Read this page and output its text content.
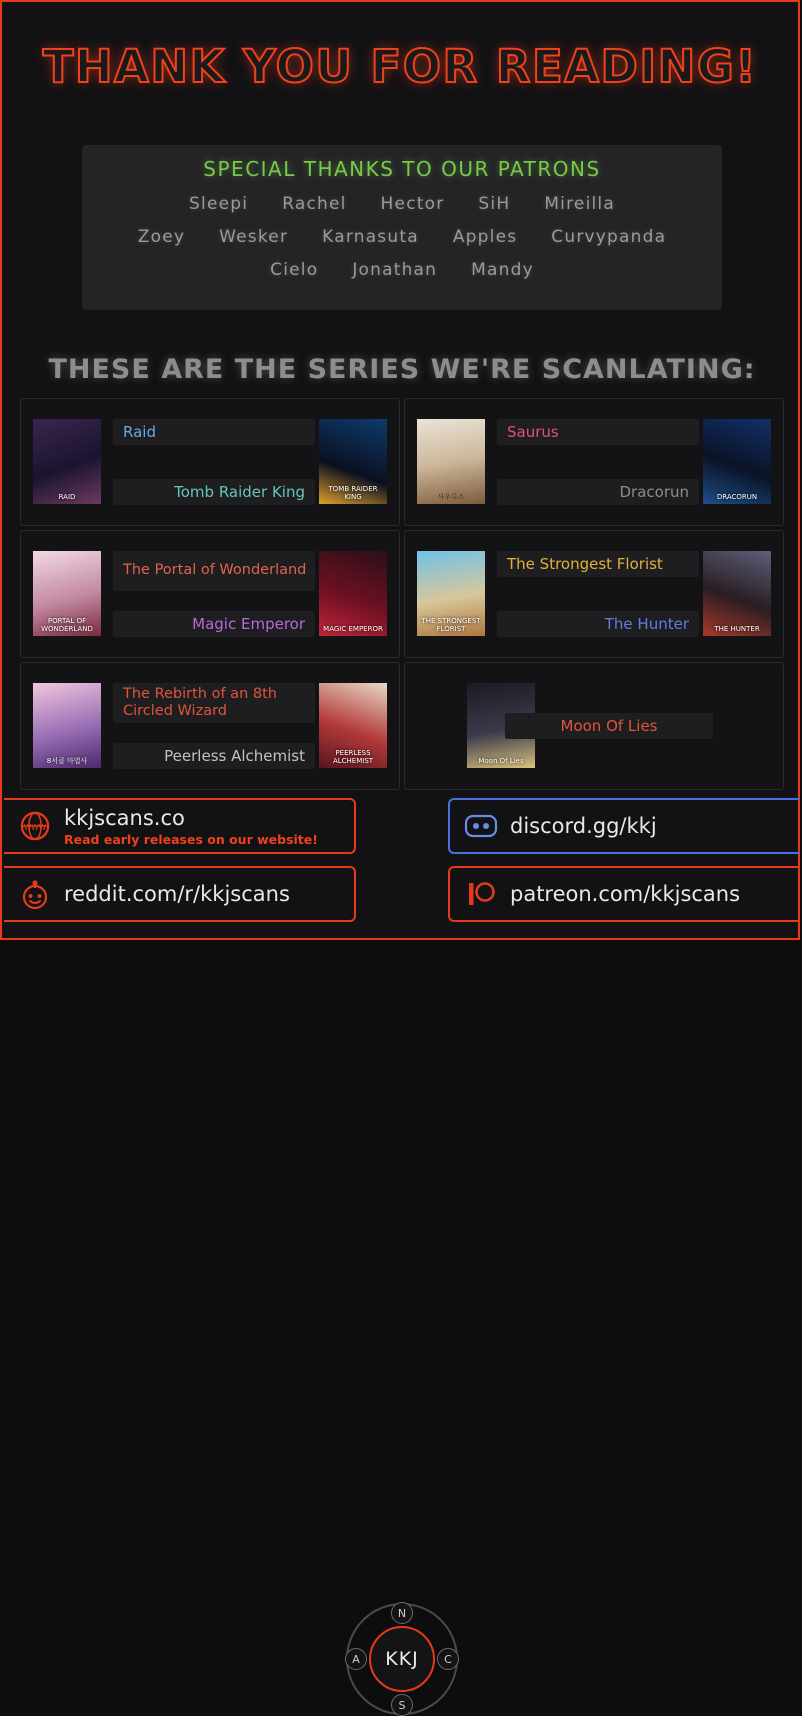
THANK YOU FOR READING!
SPECIAL THANKS TO OUR PATRONS
Sleepi Rachel Hector SiH Mireilla
Zoey Wesker Karnasuta Apples Curvypanda
Cielo Jonathan Mandy
THESE ARE THE SERIES WE'RE SCANLATING:
RAID
Raid
Tomb Raider King	TOMB RAIDER KING	사우루스
Saurus
Dracorun	DRACORUN
PORTAL OF WONDERLAND
The Portal of Wonderland
Magic Emperor	MAGIC EMPEROR
THE STRONGEST FLORIST
The Strongest Florist
The Hunter	THE HUNTER
8서클 마법사
The Rebirth of an 8th Circled Wizard
Peerless Alchemist	PEERLESS ALCHEMIST	Moon Of Lies
Moon Of Lies
WWW kkjscans.co
Read early releases on our website!
discord.gg/kkj
reddit.com/r/kkjscans	patreon.com/kkjscans
KKJ
N
S
A	C
